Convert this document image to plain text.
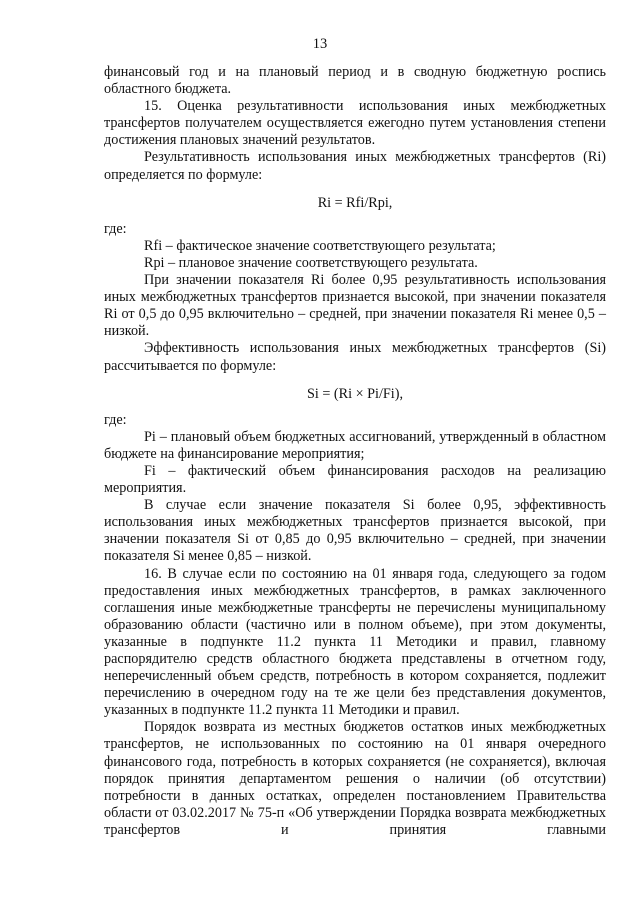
13

финансовый год и на плановый период и в сводную бюджетную роспись областного бюджета.

15. Оценка результативности использования иных межбюджетных трансфертов получателем осуществляется ежегодно путем установления степени достижения плановых значений результатов.

Результативность использования иных межбюджетных трансфертов (Ri) определяется по формуле:

Ri = Rfi/Rpi,

где:

Rfi – фактическое значение соответствующего результата;

Rpi – плановое значение соответствующего результата.

При значении показателя Ri более 0,95 результативность использования иных межбюджетных трансфертов признается высокой, при значении показателя Ri от 0,5 до 0,95 включительно – средней, при значении показателя Ri менее 0,5 – низкой.

Эффективность использования иных межбюджетных трансфертов (Si) рассчитывается по формуле:

Si = (Ri × Pi/Fi),

где:

Pi – плановый объем бюджетных ассигнований, утвержденный в областном бюджете на финансирование мероприятия;

Fi – фактический объем финансирования расходов на реализацию мероприятия.

В случае если значение показателя Si более 0,95, эффективность использования иных межбюджетных трансфертов признается высокой, при значении показателя Si от 0,85 до 0,95 включительно – средней, при значении показателя Si менее 0,85 – низкой.

16. В случае если по состоянию на 01 января года, следующего за годом предоставления иных межбюджетных трансфертов, в рамках заключенного соглашения иные межбюджетные трансферты не перечислены муниципальному образованию области (частично или в полном объеме), при этом документы, указанные в подпункте 11.2 пункта 11 Методики и правил, главному распорядителю средств областного бюджета представлены в отчетном году, неперечисленный объем средств, потребность в котором сохраняется, подлежит перечислению в очередном году на те же цели без представления документов, указанных в подпункте 11.2 пункта 11 Методики и правил.

Порядок возврата из местных бюджетов остатков иных межбюджетных трансфертов, не использованных по состоянию на 01 января очередного финансового года, потребность в которых сохраняется (не сохраняется), включая порядок принятия департаментом решения о наличии (об отсутствии) потребности в данных остатках, определен постановлением Правительства области от 03.02.2017 № 75-п «Об утверждении Порядка возврата межбюджетных трансфертов и принятия главными
